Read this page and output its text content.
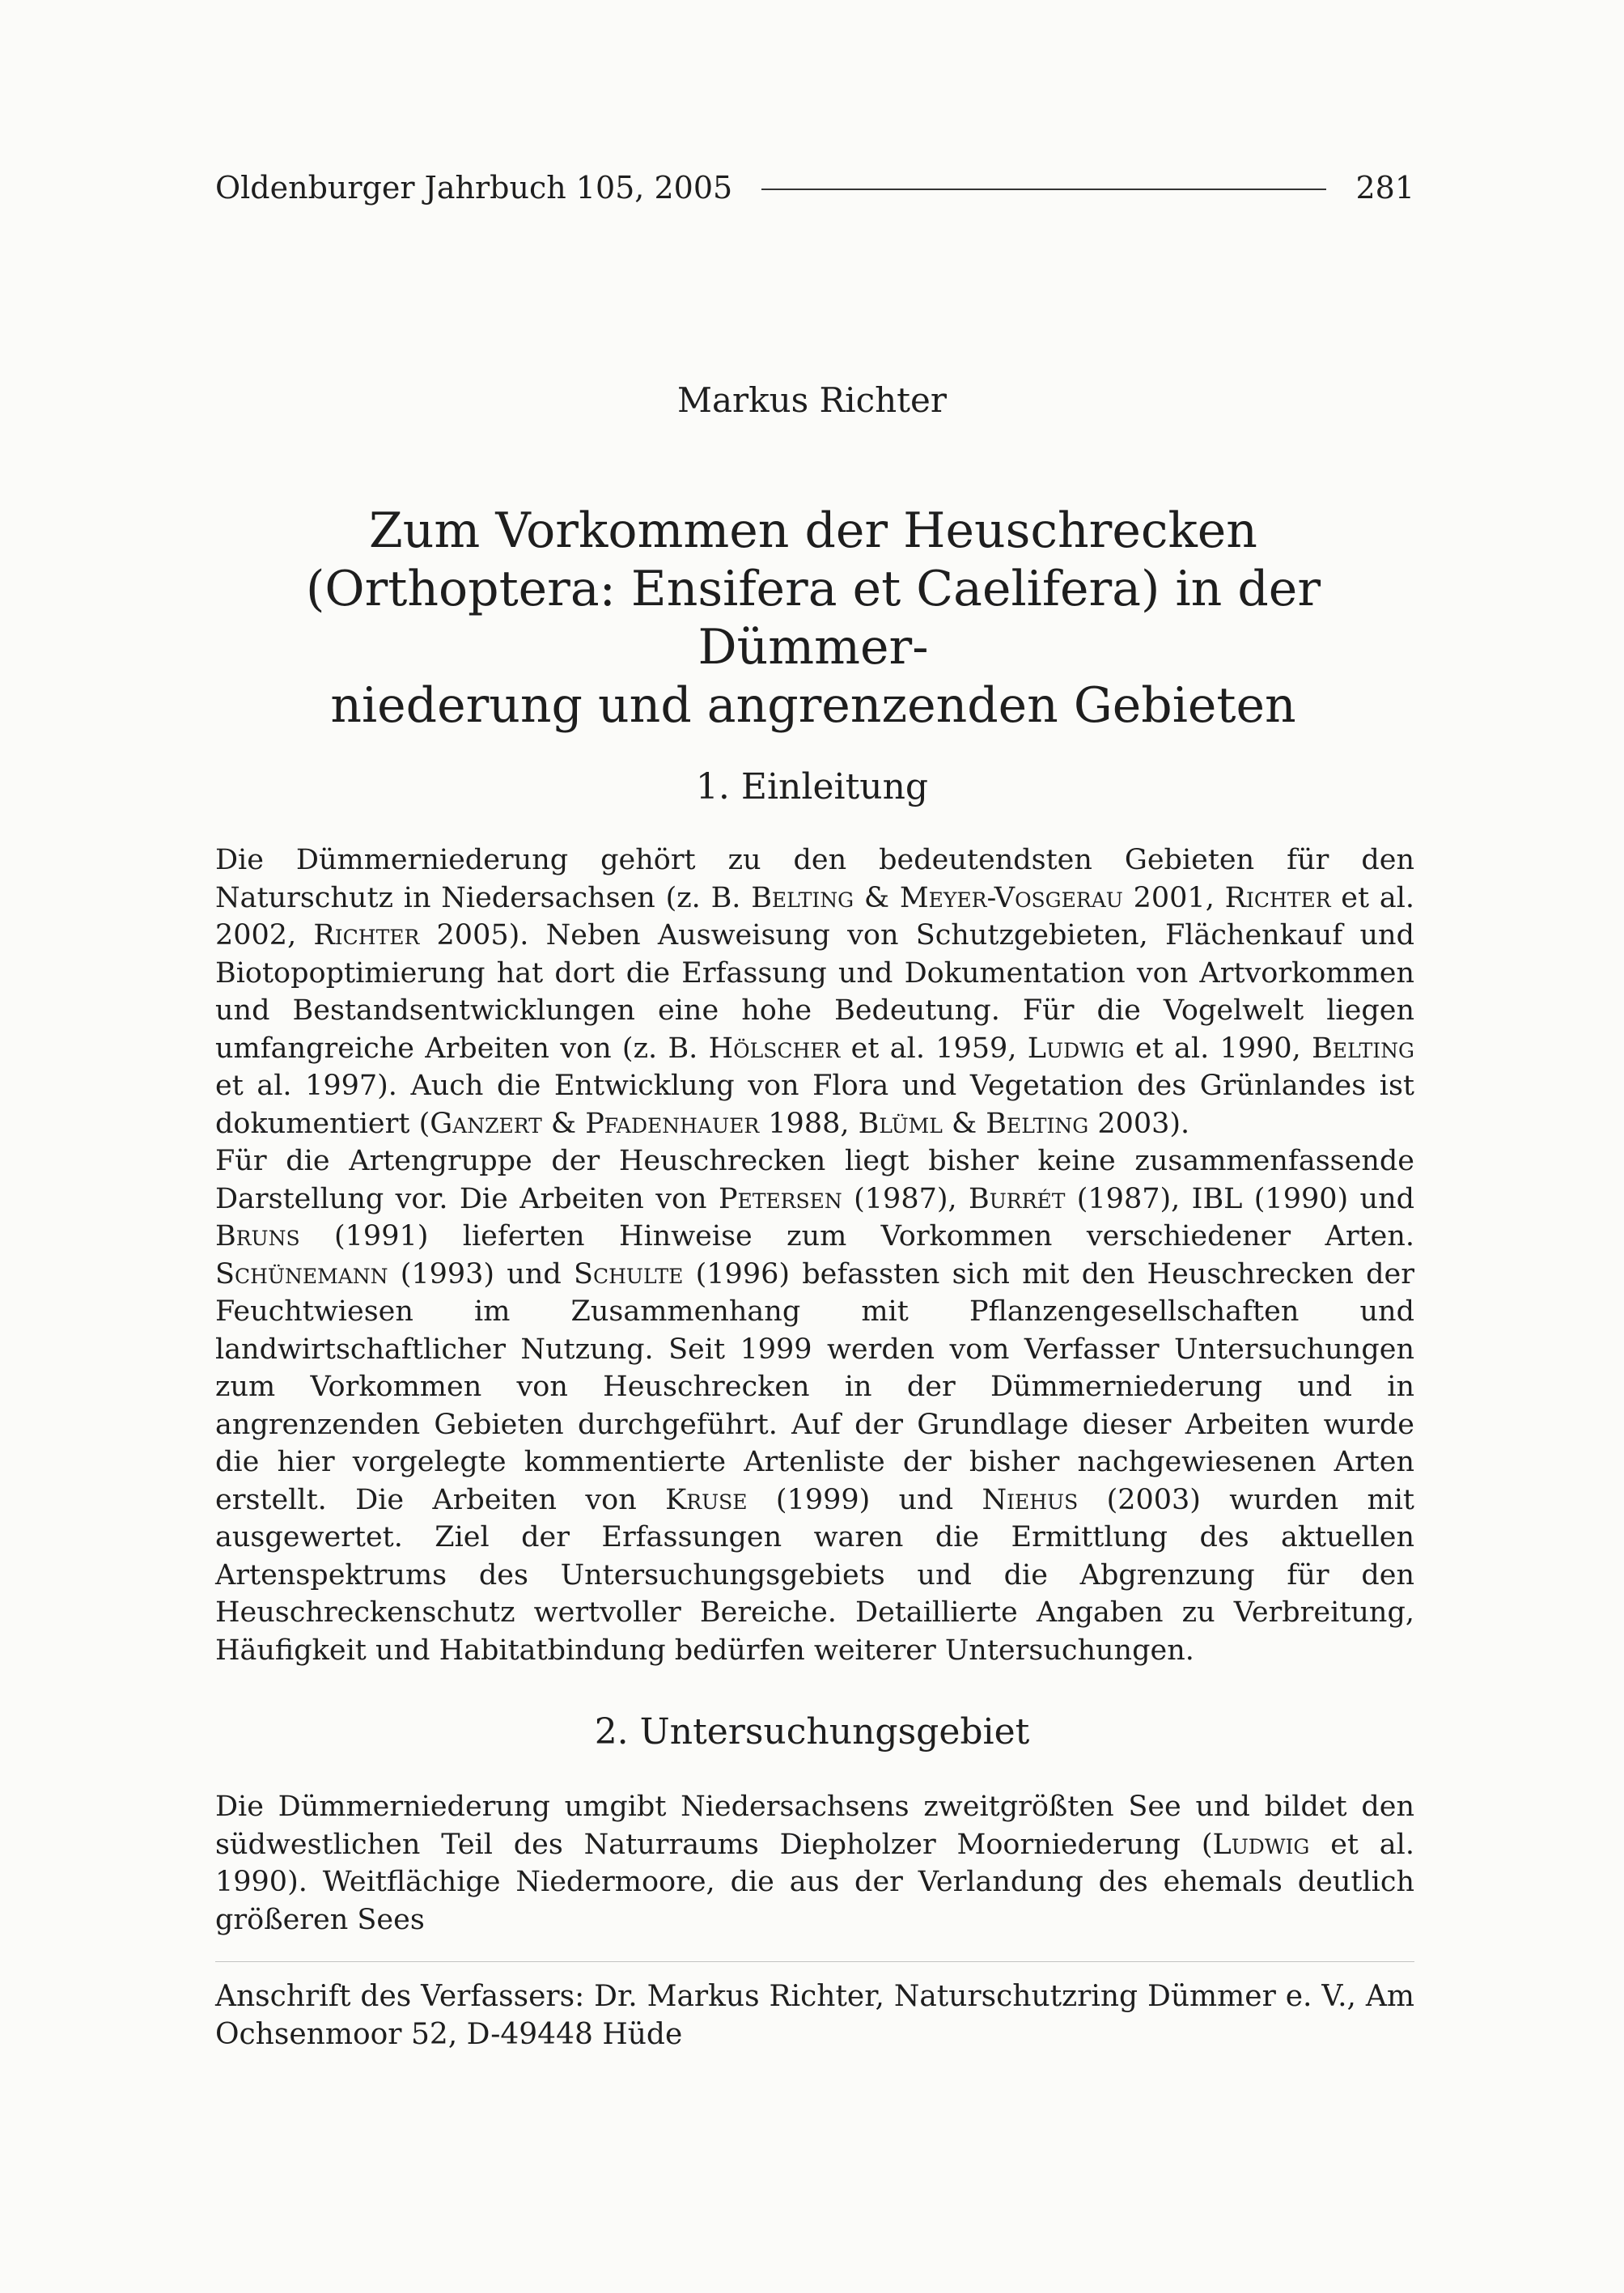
Oldenburger Jahrbuch 105, 2005	281
Markus Richter
Zum Vorkommen der Heuschrecken
(Orthoptera: Ensifera et Caelifera) in der Dümmer-
niederung und angrenzenden Gebieten
1. Einleitung

Die Dümmerniederung gehört zu den bedeutendsten Gebieten für den Naturschutz in Niedersachsen (z. B. Belting & Meyer-Vosgerau 2001, Richter et al. 2002, Richter 2005). Neben Ausweisung von Schutzgebieten, Flächenkauf und Biotopoptimierung hat dort die Erfassung und Dokumentation von Artvorkommen und Bestandsentwicklungen eine hohe Bedeutung. Für die Vogelwelt liegen umfangreiche Arbeiten von (z. B. Hölscher et al. 1959, Ludwig et al. 1990, Belting et al. 1997). Auch die Entwicklung von Flora und Vegetation des Grünlandes ist dokumentiert (Ganzert & Pfadenhauer 1988, Blüml & Belting 2003).

Für die Artengruppe der Heuschrecken liegt bisher keine zusammenfassende Darstellung vor. Die Arbeiten von Petersen (1987), Burrét (1987), IBL (1990) und Bruns (1991) lieferten Hinweise zum Vorkommen verschiedener Arten. Schünemann (1993) und Schulte (1996) befassten sich mit den Heuschrecken der Feuchtwiesen im Zusammenhang mit Pflanzengesellschaften und landwirtschaftlicher Nutzung. Seit 1999 werden vom Verfasser Untersuchungen zum Vorkommen von Heuschrecken in der Dümmerniederung und in angrenzenden Gebieten durchgeführt. Auf der Grundlage dieser Arbeiten wurde die hier vorgelegte kommentierte Artenliste der bisher nachgewiesenen Arten erstellt. Die Arbeiten von Kruse (1999) und Niehus (2003) wurden mit ausgewertet. Ziel der Erfassungen waren die Ermittlung des aktuellen Artenspektrums des Untersuchungsgebiets und die Abgrenzung für den Heuschreckenschutz wertvoller Bereiche. Detaillierte Angaben zu Verbreitung, Häufigkeit und Habitatbindung bedürfen weiterer Untersuchungen.

2. Untersuchungsgebiet

Die Dümmerniederung umgibt Niedersachsens zweitgrößten See und bildet den südwestlichen Teil des Naturraums Diepholzer Moorniederung (Ludwig et al. 1990). Weitflächige Niedermoore, die aus der Verlandung des ehemals deutlich größeren Sees

Anschrift des Verfassers: Dr. Markus Richter, Naturschutzring Dümmer e. V., Am Ochsenmoor 52, D-49448 Hüde
